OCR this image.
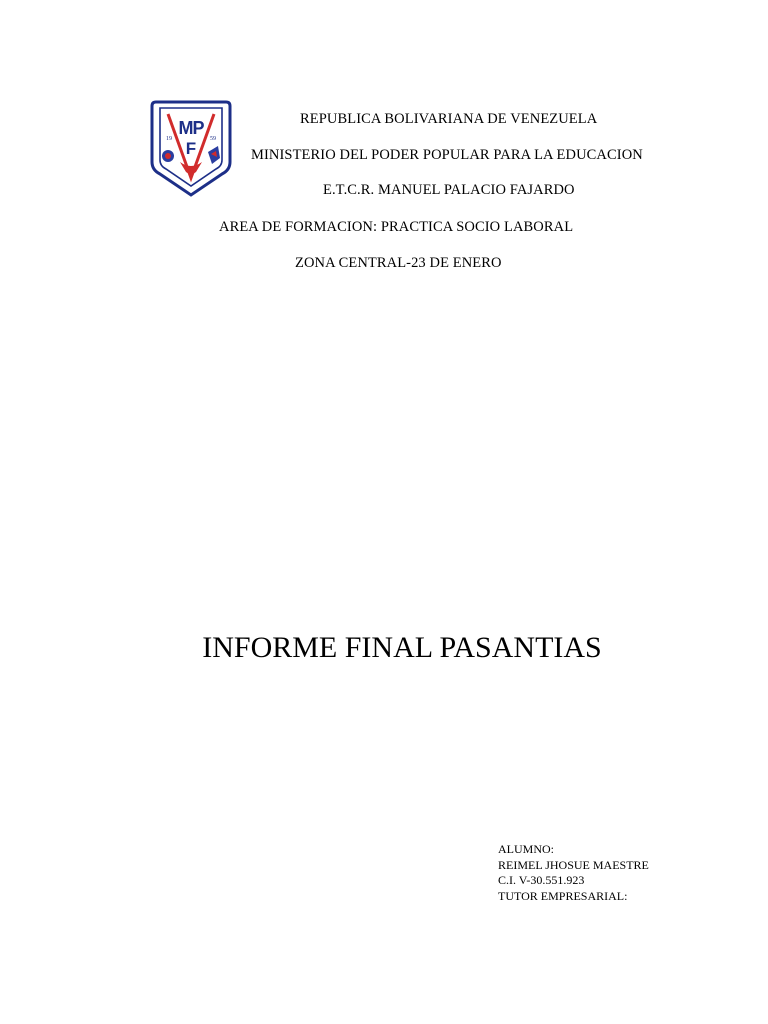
MP
F
19	59
REPUBLICA BOLIVARIANA DE VENEZUELA
MINISTERIO DEL PODER POPULAR PARA LA EDUCACION
E.T.C.R. MANUEL PALACIO FAJARDO
AREA DE FORMACION: PRACTICA SOCIO LABORAL
ZONA CENTRAL-23 DE ENERO
INFORME FINAL PASANTIAS
ALUMNO:
REIMEL JHOSUE MAESTRE
C.I. V-30.551.923
TUTOR EMPRESARIAL:
